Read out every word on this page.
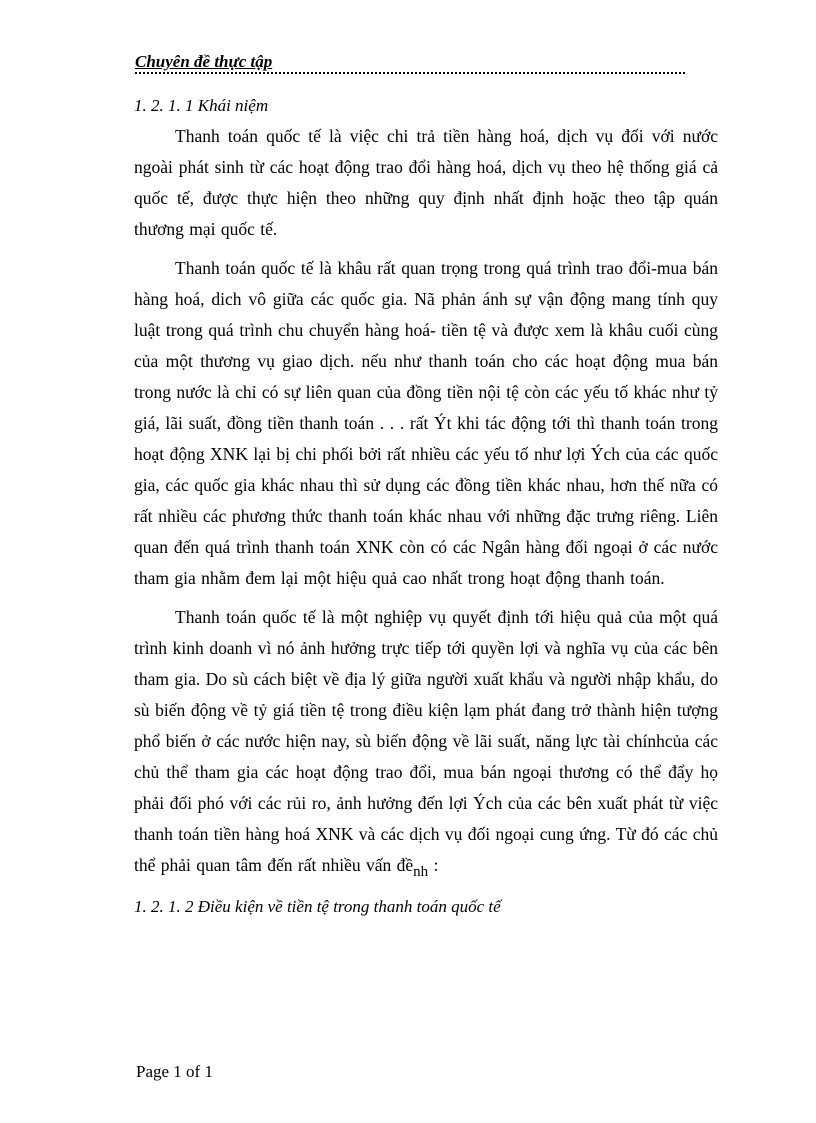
Chuyên đề thực tập

1. 2. 1. 1 Khái niệm

Thanh toán quốc tế là việc chi trả tiền hàng hoá, dịch vụ đối với nước ngoài phát sinh từ các hoạt động trao đổi hàng hoá, dịch vụ theo hệ thống giá cả quốc tế, được thực hiện theo những quy định nhất định hoặc theo tập quán thương mại quốc tế.

Thanh toán quốc tế là khâu rất quan trọng trong quá trình trao đổi-mua bán hàng hoá, dich vô giữa các quốc gia. Nã phản ánh sự vận động mang tính quy luật trong quá trình chu chuyển hàng hoá- tiền tệ và được xem là khâu cuối cùng của một thương vụ giao dịch. nếu như thanh toán cho các hoạt động mua bán trong nước là chỉ có sự liên quan của đồng tiền nội tệ còn các yếu tố khác như tỷ giá, lãi suất, đồng tiền thanh toán . . . rất Ýt khi tác động tới thì thanh toán trong hoạt động XNK lại bị chi phối bởi rất nhiều các yếu tố như lợi Ých của các quốc gia, các quốc gia khác nhau thì sử dụng các đồng tiền khác nhau, hơn thế nữa có rất nhiều các phương thức thanh toán khác nhau với những đặc trưng riêng. Liên quan đến quá trình thanh toán XNK còn có các Ngân hàng đối ngoại ở các nước tham gia nhằm đem lại một hiệu quả cao nhất trong hoạt động thanh toán.

Thanh toán quốc tế là một nghiệp vụ quyết định tới hiệu quả của một quá trình kinh doanh vì nó ảnh hưởng trực tiếp tới quyền lợi và nghĩa vụ của các bên tham gia. Do sù cách biệt về địa lý giữa người xuất khẩu và người nhập khẩu, do sù biến động về tỷ giá tiền tệ trong điều kiện lạm phát đang trở thành hiện tượng phổ biến ở các nước hiện nay, sù biến động về lãi suất, năng lực tài chínhcủa các chủ thể tham gia các hoạt động trao đổi, mua bán ngoại thương có thể đẩy họ phải đối phó với các rủi ro, ảnh hưởng đến lợi Ých của các bên xuất phát từ việc thanh toán tiền hàng hoá XNK và các dịch vụ đối ngoại cung ứng. Từ đó các chủ thể phải quan tâm đến rất nhiều vấn đềnh :

1. 2. 1. 2 Điều kiện về tiền tệ trong thanh toán quốc tế

Page 1 of 1
